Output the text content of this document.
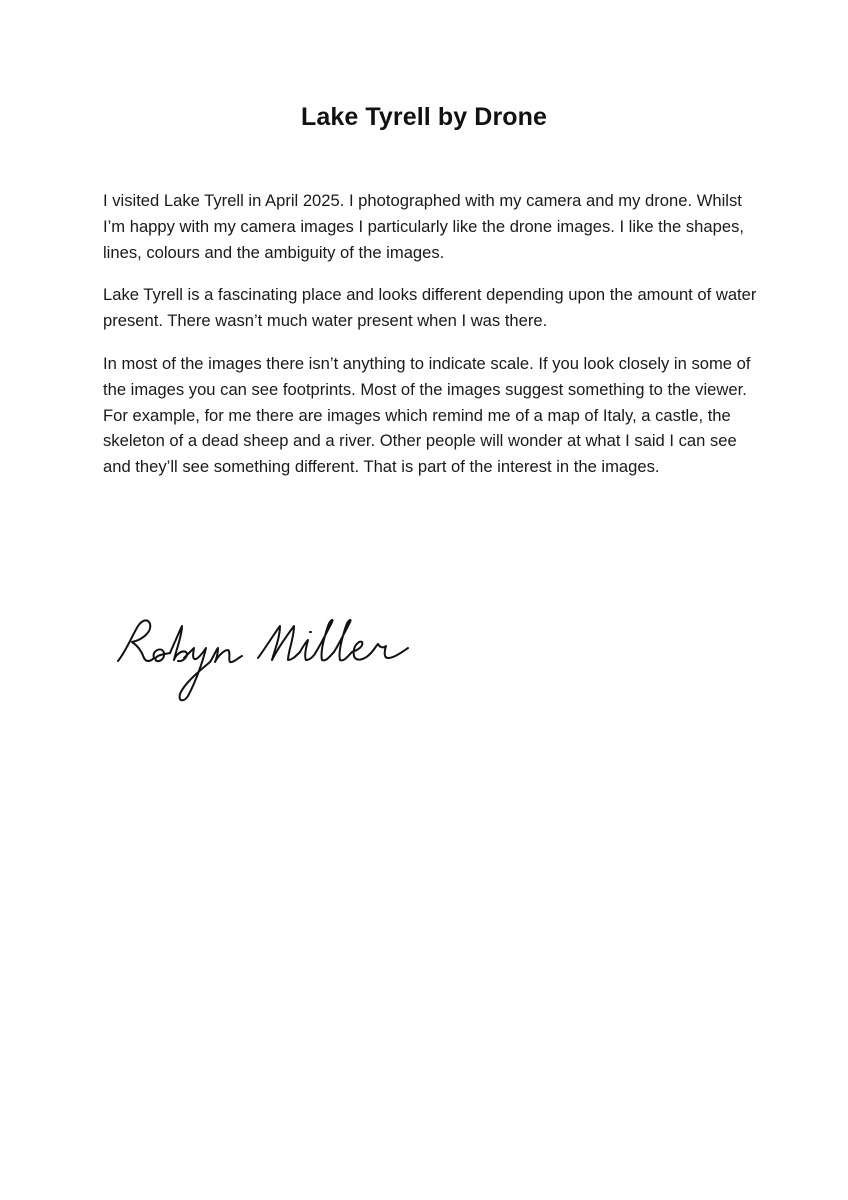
Lake Tyrell by Drone

I visited Lake Tyrell in April 2025. I photographed with my camera and my drone. Whilst I’m happy with my camera images I particularly like the drone images. I like the shapes, lines, colours and the ambiguity of the images.

Lake Tyrell is a fascinating place and looks different depending upon the amount of water present. There wasn’t much water present when I was there.

In most of the images there isn’t anything to indicate scale. If you look closely in some of the images you can see footprints. Most of the images suggest something to the viewer. For example, for me there are images which remind me of a map of Italy, a castle, the skeleton of a dead sheep and a river. Other people will wonder at what I said I can see and they’ll see something different. That is part of the interest in the images.
